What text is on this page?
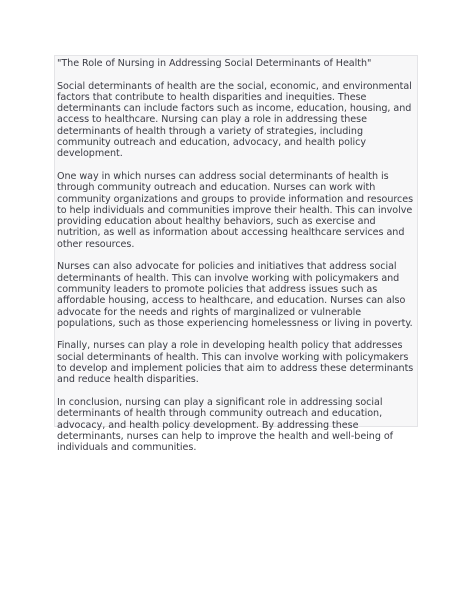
"The Role of Nursing in Addressing Social Determinants of Health"

Social determinants of health are the social, economic, and environmental factors that contribute to health disparities and inequities. These determinants can include factors such as income, education, housing, and access to healthcare. Nursing can play a role in addressing these determinants of health through a variety of strategies, including community outreach and education, advocacy, and health policy development.

One way in which nurses can address social determinants of health is through community outreach and education. Nurses can work with community organizations and groups to provide information and resources to help individuals and communities improve their health. This can involve providing education about healthy behaviors, such as exercise and nutrition, as well as information about accessing healthcare services and other resources.

Nurses can also advocate for policies and initiatives that address social determinants of health. This can involve working with policymakers and community leaders to promote policies that address issues such as affordable housing, access to healthcare, and education. Nurses can also advocate for the needs and rights of marginalized or vulnerable populations, such as those experiencing homelessness or living in poverty.

Finally, nurses can play a role in developing health policy that addresses social determinants of health. This can involve working with policymakers to develop and implement policies that aim to address these determinants and reduce health disparities.

In conclusion, nursing can play a significant role in addressing social determinants of health through community outreach and education, advocacy, and health policy development. By addressing these determinants, nurses can help to improve the health and well-being of individuals and communities.
